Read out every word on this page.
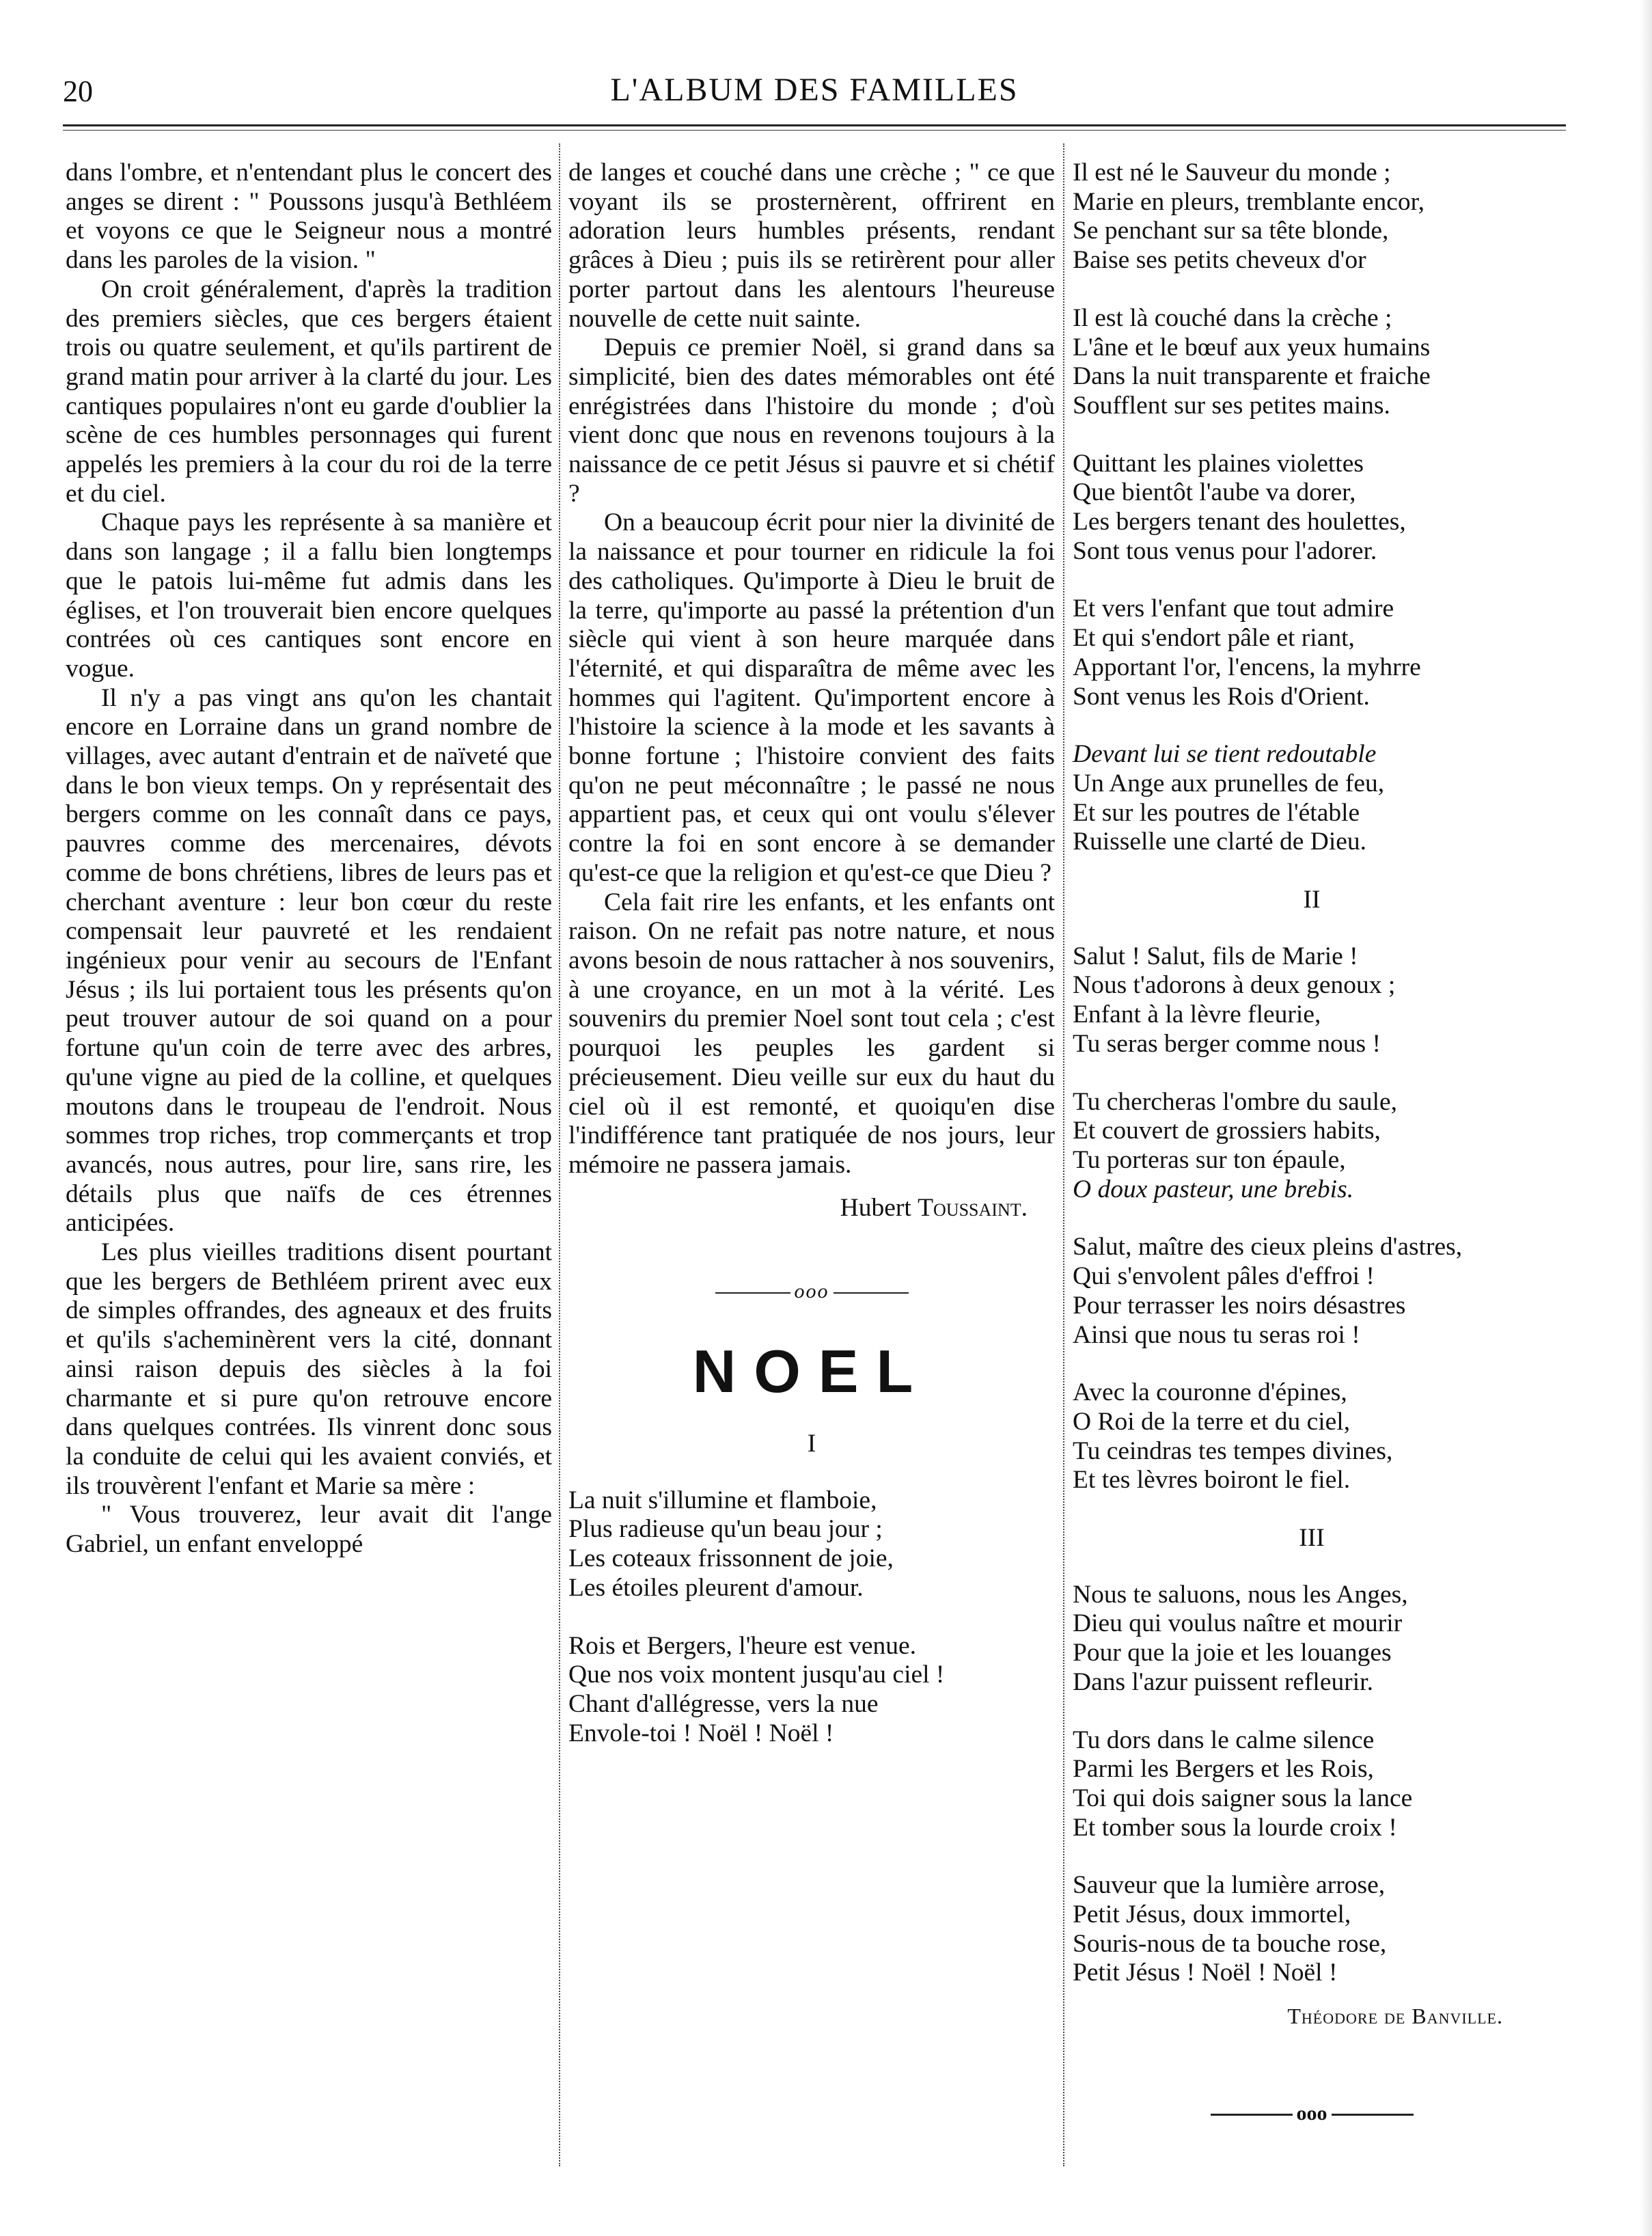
20	L'ALBUM DES FAMILLES

dans l'ombre, et n'entendant plus le concert des anges se dirent : " Poussons jusqu'à Bethléem et voyons ce que le Seigneur nous a montré dans les paroles de la vision. "

On croit généralement, d'après la tradition des premiers siècles, que ces bergers étaient trois ou quatre seulement, et qu'ils partirent de grand matin pour arriver à la clarté du jour. Les cantiques populaires n'ont eu garde d'oublier la scène de ces humbles personnages qui furent appelés les premiers à la cour du roi de la terre et du ciel.

Chaque pays les représente à sa manière et dans son langage ; il a fallu bien longtemps que le patois lui-même fut admis dans les églises, et l'on trouverait bien encore quelques contrées où ces cantiques sont encore en vogue.

Il n'y a pas vingt ans qu'on les chantait encore en Lorraine dans un grand nombre de villages, avec autant d'entrain et de naïveté que dans le bon vieux temps. On y représentait des bergers comme on les connaît dans ce pays, pauvres comme des mercenaires, dévots comme de bons chrétiens, libres de leurs pas et cherchant aventure : leur bon cœur du reste compensait leur pauvreté et les rendaient ingénieux pour venir au secours de l'Enfant Jésus ; ils lui portaient tous les présents qu'on peut trouver autour de soi quand on a pour fortune qu'un coin de terre avec des arbres, qu'une vigne au pied de la colline, et quelques moutons dans le troupeau de l'endroit. Nous sommes trop riches, trop commerçants et trop avancés, nous autres, pour lire, sans rire, les détails plus que naïfs de ces étrennes anticipées.

Les plus vieilles traditions disent pourtant que les bergers de Bethléem prirent avec eux de simples offrandes, des agneaux et des fruits et qu'ils s'acheminèrent vers la cité, donnant ainsi raison depuis des siècles à la foi charmante et si pure qu'on retrouve encore dans quelques contrées. Ils vinrent donc sous la conduite de celui qui les avaient conviés, et ils trouvèrent l'enfant et Marie sa mère :

" Vous trouverez, leur avait dit l'ange Gabriel, un enfant enveloppé

de langes et couché dans une crèche ; " ce que voyant ils se prosternèrent, offrirent en adoration leurs humbles présents, rendant grâces à Dieu ; puis ils se retirèrent pour aller porter partout dans les alentours l'heureuse nouvelle de cette nuit sainte.

Depuis ce premier Noël, si grand dans sa simplicité, bien des dates mémorables ont été enrégistrées dans l'histoire du monde ; d'où vient donc que nous en revenons toujours à la naissance de ce petit Jésus si pauvre et si chétif ?

On a beaucoup écrit pour nier la divinité de la naissance et pour tourner en ridicule la foi des catholiques. Qu'importe à Dieu le bruit de la terre, qu'importe au passé la prétention d'un siècle qui vient à son heure marquée dans l'éternité, et qui disparaîtra de même avec les hommes qui l'agitent. Qu'importent encore à l'histoire la science à la mode et les savants à bonne fortune ; l'histoire convient des faits qu'on ne peut méconnaître ; le passé ne nous appartient pas, et ceux qui ont voulu s'élever contre la foi en sont encore à se demander qu'est-ce que la religion et qu'est-ce que Dieu ?

Cela fait rire les enfants, et les enfants ont raison. On ne refait pas notre nature, et nous avons besoin de nous rattacher à nos souvenirs, à une croyance, en un mot à la vérité. Les souvenirs du premier Noel sont tout cela ; c'est pourquoi les peuples les gardent si précieusement. Dieu veille sur eux du haut du ciel où il est remonté, et quoiqu'en dise l'indifférence tant pratiquée de nos jours, leur mémoire ne passera jamais.

Hubert Toussaint.

ooo

NOEL

I

La nuit s'illumine et flamboie,
Plus radieuse qu'un beau jour ;
Les coteaux frissonnent de joie,
Les étoiles pleurent d'amour.
Rois et Bergers, l'heure est venue.
Que nos voix montent jusqu'au ciel !
Chant d'allégresse, vers la nue
Envole-toi ! Noël ! Noël !
Il est né le Sauveur du monde ;
Marie en pleurs, tremblante encor,
Se penchant sur sa tête blonde,
Baise ses petits cheveux d'or
Il est là couché dans la crèche ;
L'âne et le bœuf aux yeux humains
Dans la nuit transparente et fraiche
Soufflent sur ses petites mains.
Quittant les plaines violettes
Que bientôt l'aube va dorer,
Les bergers tenant des houlettes,
Sont tous venus pour l'adorer.
Et vers l'enfant que tout admire
Et qui s'endort pâle et riant,
Apportant l'or, l'encens, la myhrre
Sont venus les Rois d'Orient.
Devant lui se tient redoutable
Un Ange aux prunelles de feu,
Et sur les poutres de l'étable
Ruisselle une clarté de Dieu.

II

Salut ! Salut, fils de Marie !
Nous t'adorons à deux genoux ;
Enfant à la lèvre fleurie,
Tu seras berger comme nous !
Tu chercheras l'ombre du saule,
Et couvert de grossiers habits,
Tu porteras sur ton épaule,
O doux pasteur, une brebis.
Salut, maître des cieux pleins d'astres,
Qui s'envolent pâles d'effroi !
Pour terrasser les noirs désastres
Ainsi que nous tu seras roi !
Avec la couronne d'épines,
O Roi de la terre et du ciel,
Tu ceindras tes tempes divines,
Et tes lèvres boiront le fiel.

III

Nous te saluons, nous les Anges,
Dieu qui voulus naître et mourir
Pour que la joie et les louanges
Dans l'azur puissent refleurir.
Tu dors dans le calme silence
Parmi les Bergers et les Rois,
Toi qui dois saigner sous la lance
Et tomber sous la lourde croix !
Sauveur que la lumière arrose,
Petit Jésus, doux immortel,
Souris-nous de ta bouche rose,
Petit Jésus ! Noël ! Noël !

Théodore de Banville.

ooo
